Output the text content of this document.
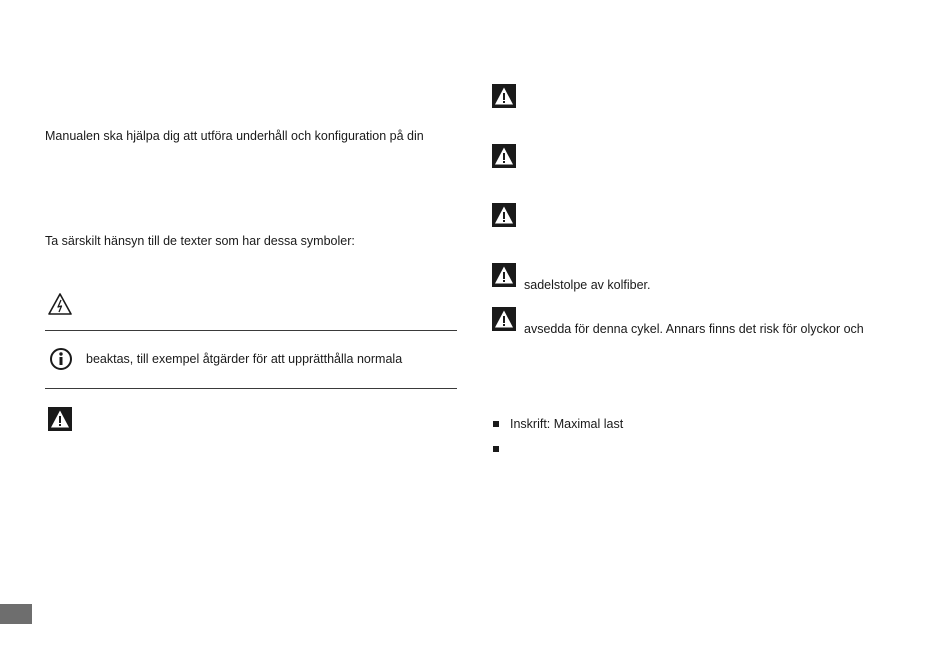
Manualen ska hjälpa dig att utföra underhåll och konfiguration på din
Ta särskilt hänsyn till de texter som har dessa symboler:
beaktas, till exempel åtgärder för att upprätthålla normala
sadelstolpe av kolfiber.
avsedda för denna cykel. Annars finns det risk för olyckor och
Inskrift: Maximal last
